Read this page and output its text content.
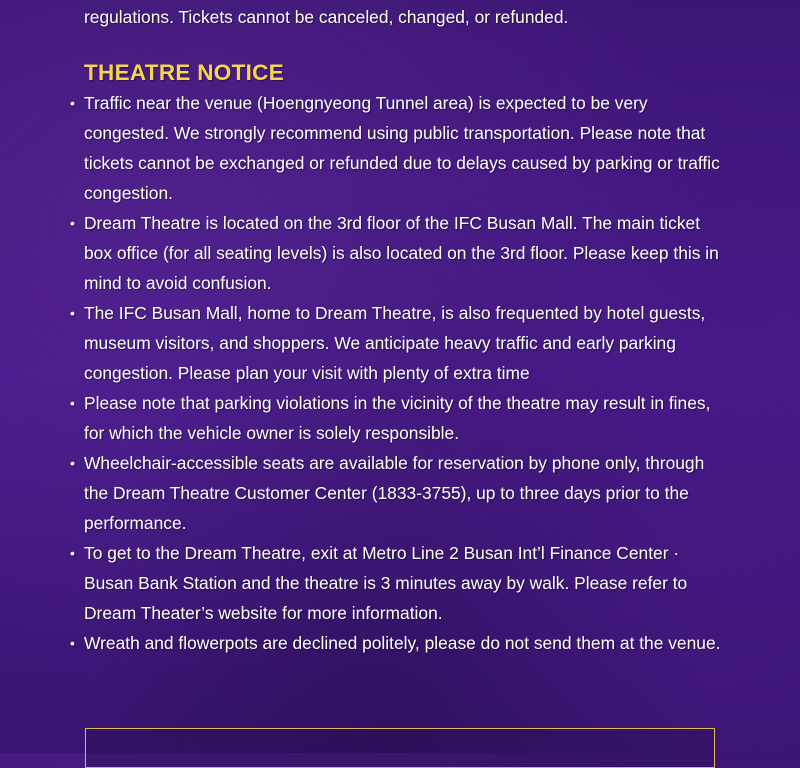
regulations. Tickets cannot be canceled, changed, or refunded.

THEATRE NOTICE
• Traffic near the venue (Hoengnyeong Tunnel area) is expected to be very congested. We strongly recommend using public transportation. Please note that tickets cannot be exchanged or refunded due to delays caused by parking or traffic congestion.
• Dream Theatre is located on the 3rd floor of the IFC Busan Mall. The main ticket box office (for all seating levels) is also located on the 3rd floor. Please keep this in mind to avoid confusion.
• The IFC Busan Mall, home to Dream Theatre, is also frequented by hotel guests, museum visitors, and shoppers. We anticipate heavy traffic and early parking congestion. Please plan your visit with plenty of extra time
• Please note that parking violations in the vicinity of the theatre may result in fines, for which the vehicle owner is solely responsible.
• Wheelchair-accessible seats are available for reservation by phone only, through the Dream Theatre Customer Center (1833-3755), up to three days prior to the performance.
• To get to the Dream Theatre, exit at Metro Line 2 Busan Int’l Finance Center · Busan Bank Station and the theatre is 3 minutes away by walk. Please refer to Dream Theater’s website for more information.
• Wreath and flowerpots are declined politely, please do not send them at the venue.
